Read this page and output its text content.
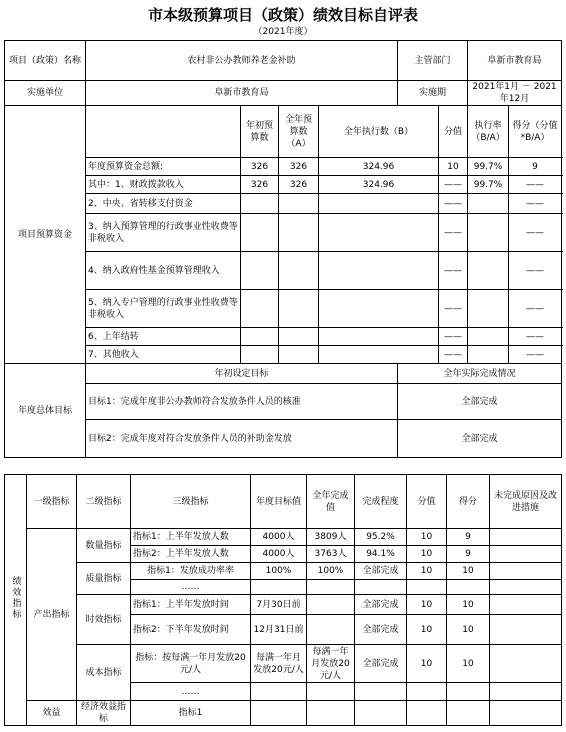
市本级预算项目（政策）绩效目标自评表
（2021年度）
项目（政策）名称	农村非公办教师养老金补助				主管部门		阜新市教育局	
实施单位	阜新市教育局				实施期		2021年1月 － 2021年12月	
项目预算资金		年初预算数	全年预算数（A）	全年执行数（B）		分值	执行率（B/A）	得分（分值*B/A）
	年度预算资金总额:	326	326	324.96		10	99.7%	9
	其中：1、财政拨款收入	326	326	324.96		——	99.7%	——
	2、中央、省转移支付资金					——		——
	3、纳入预算管理的行政事业性收费等非税收入					——		——
	4、纳入政府性基金预算管理收入					——		——
	5、纳入专户管理的行政事业性收费等非税收入					——		——
	6、上年结转					——		——
	7、其他收入					——		——
年度总体目标	年初设定目标				全年实际完成情况			
	目标1：完成年度非公办教师符合发放条件人员的核准				全部完成			
	目标2：完成年度对符合发放条件人员的补助金发放				全部完成			
绩效指标	一级指标	二级指标	三级指标	年度目标值	全年完成值	完成程度	分值	得分	未完成原因及改进措施
	产出指标	数量指标	指标1：上半年发放人数	4000人	3809人	95.2%	10	9	
			指标2：上半年发放人数	4000人	3763人	94.1%	10	9	
		质量指标	指标1：发放成功率率	100%	100%	全部完成	10	10	
			……						
		时效指标	指标1：上半年发放时间	7月30日前		全部完成	10	10	
			指标2：下半年发放时间	12月31日前		全部完成	10	10	
		成本指标	指标：按每满一年月发放20元/人	每满一年月发放20元/人	每满一年月发放20元/人	全部完成	10	10	
			……						
	效益	经济效益指标	指标1						
